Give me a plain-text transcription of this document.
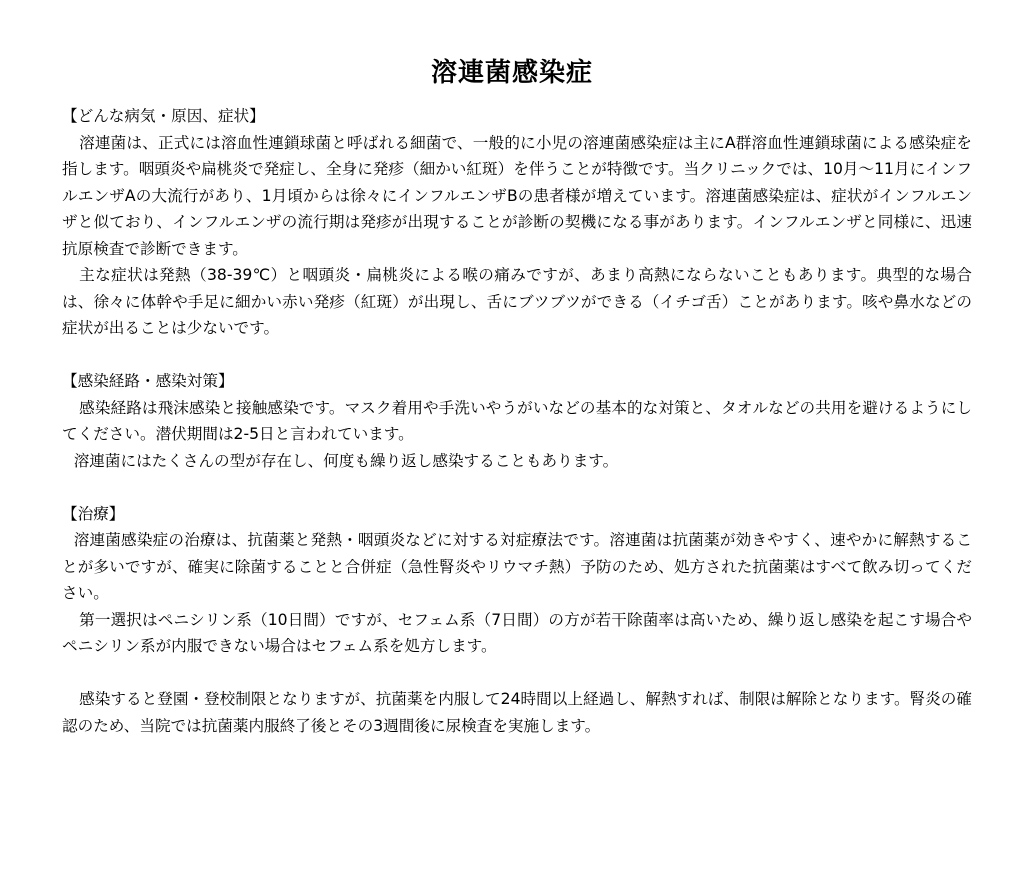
溶連菌感染症

【どんな病気・原因、症状】

溶連菌は、正式には溶血性連鎖球菌と呼ばれる細菌で、一般的に小児の溶連菌感染症は主にA群溶血性連鎖球菌による感染症を指します。咽頭炎や扁桃炎で発症し、全身に発疹（細かい紅斑）を伴うことが特徴です。当クリニックでは、10月～11月にインフルエンザAの大流行があり、1月頃からは徐々にインフルエンザBの患者様が増えています。溶連菌感染症は、症状がインフルエンザと似ており、インフルエンザの流行期は発疹が出現することが診断の契機になる事があります。インフルエンザと同様に、迅速抗原検査で診断できます。

主な症状は発熱（38-39℃）と咽頭炎・扁桃炎による喉の痛みですが、あまり高熱にならないこともあります。典型的な場合は、徐々に体幹や手足に細かい赤い発疹（紅斑）が出現し、舌にブツブツができる（イチゴ舌）ことがあります。咳や鼻水などの症状が出ることは少ないです。

【感染経路・感染対策】

感染経路は飛沫感染と接触感染です。マスク着用や手洗いやうがいなどの基本的な対策と、タオルなどの共用を避けるようにしてください。潜伏期間は2-5日と言われています。

溶連菌にはたくさんの型が存在し、何度も繰り返し感染することもあります。

【治療】

溶連菌感染症の治療は、抗菌薬と発熱・咽頭炎などに対する対症療法です。溶連菌は抗菌薬が効きやすく、速やかに解熱することが多いですが、確実に除菌することと合併症（急性腎炎やリウマチ熱）予防のため、処方された抗菌薬はすべて飲み切ってください。

第一選択はペニシリン系（10日間）ですが、セフェム系（7日間）の方が若干除菌率は高いため、繰り返し感染を起こす場合やペニシリン系が内服できない場合はセフェム系を処方します。

感染すると登園・登校制限となりますが、抗菌薬を内服して24時間以上経過し、解熱すれば、制限は解除となります。腎炎の確認のため、当院では抗菌薬内服終了後とその3週間後に尿検査を実施します。
